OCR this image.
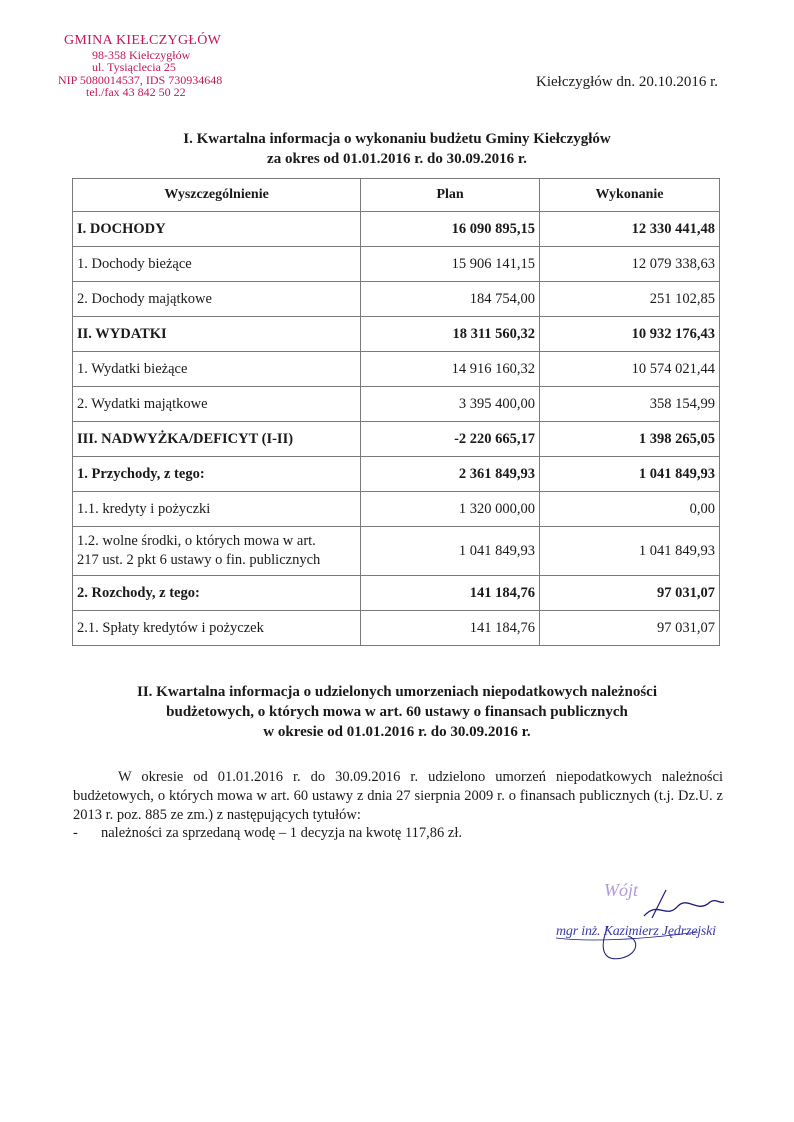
GMINA KIEŁCZYGŁÓW
98-358 Kiełczygłów
ul. Tysiąclecia 25
NIP 5080014537, IDS 730934648
tel./fax 43 842 50 22
Kiełczygłów dn. 20.10.2016 r.
I. Kwartalna informacja o wykonaniu budżetu Gminy Kiełczygłów
za okres od 01.01.2016 r. do 30.09.2016 r.
Wyszczególnienie	Plan	Wykonanie
I. DOCHODY	16 090 895,15	12 330 441,48
1. Dochody bieżące	15 906 141,15	12 079 338,63
2. Dochody majątkowe	184 754,00	251 102,85
II. WYDATKI	18 311 560,32	10 932 176,43
1. Wydatki bieżące	14 916 160,32	10 574 021,44
2. Wydatki majątkowe	3 395 400,00	358 154,99
III. NADWYŻKA/DEFICYT (I-II)	-2 220 665,17	1 398 265,05
1. Przychody, z tego:	2 361 849,93	1 041 849,93
1.1. kredyty i pożyczki	1 320 000,00	0,00

1.2. wolne środki, o których mowa w art.
217 ust. 2 pkt 6 ustawy o fin. publicznych	1 041 849,93	1 041 849,93
2. Rozchody, z tego:	141 184,76	97 031,07
2.1. Spłaty kredytów i pożyczek	141 184,76	97 031,07
II. Kwartalna informacja o udzielonych umorzeniach niepodatkowych należności
budżetowych, o których mowa w art. 60 ustawy o finansach publicznych
w okresie od 01.01.2016 r. do 30.09.2016 r.
W okresie od 01.01.2016 r. do 30.09.2016 r. udzielono umorzeń niepodatkowych należności budżetowych, o których mowa w art. 60 ustawy z dnia 27 sierpnia 2009 r. o finansach publicznych (t.j. Dz.U. z 2013 r. poz. 885 ze zm.) z następujących tytułów:
- należności za sprzedaną wodę – 1 decyzja na kwotę 117,86 zł.
Wójt
mgr inż. Kazimierz Jędrzejski
